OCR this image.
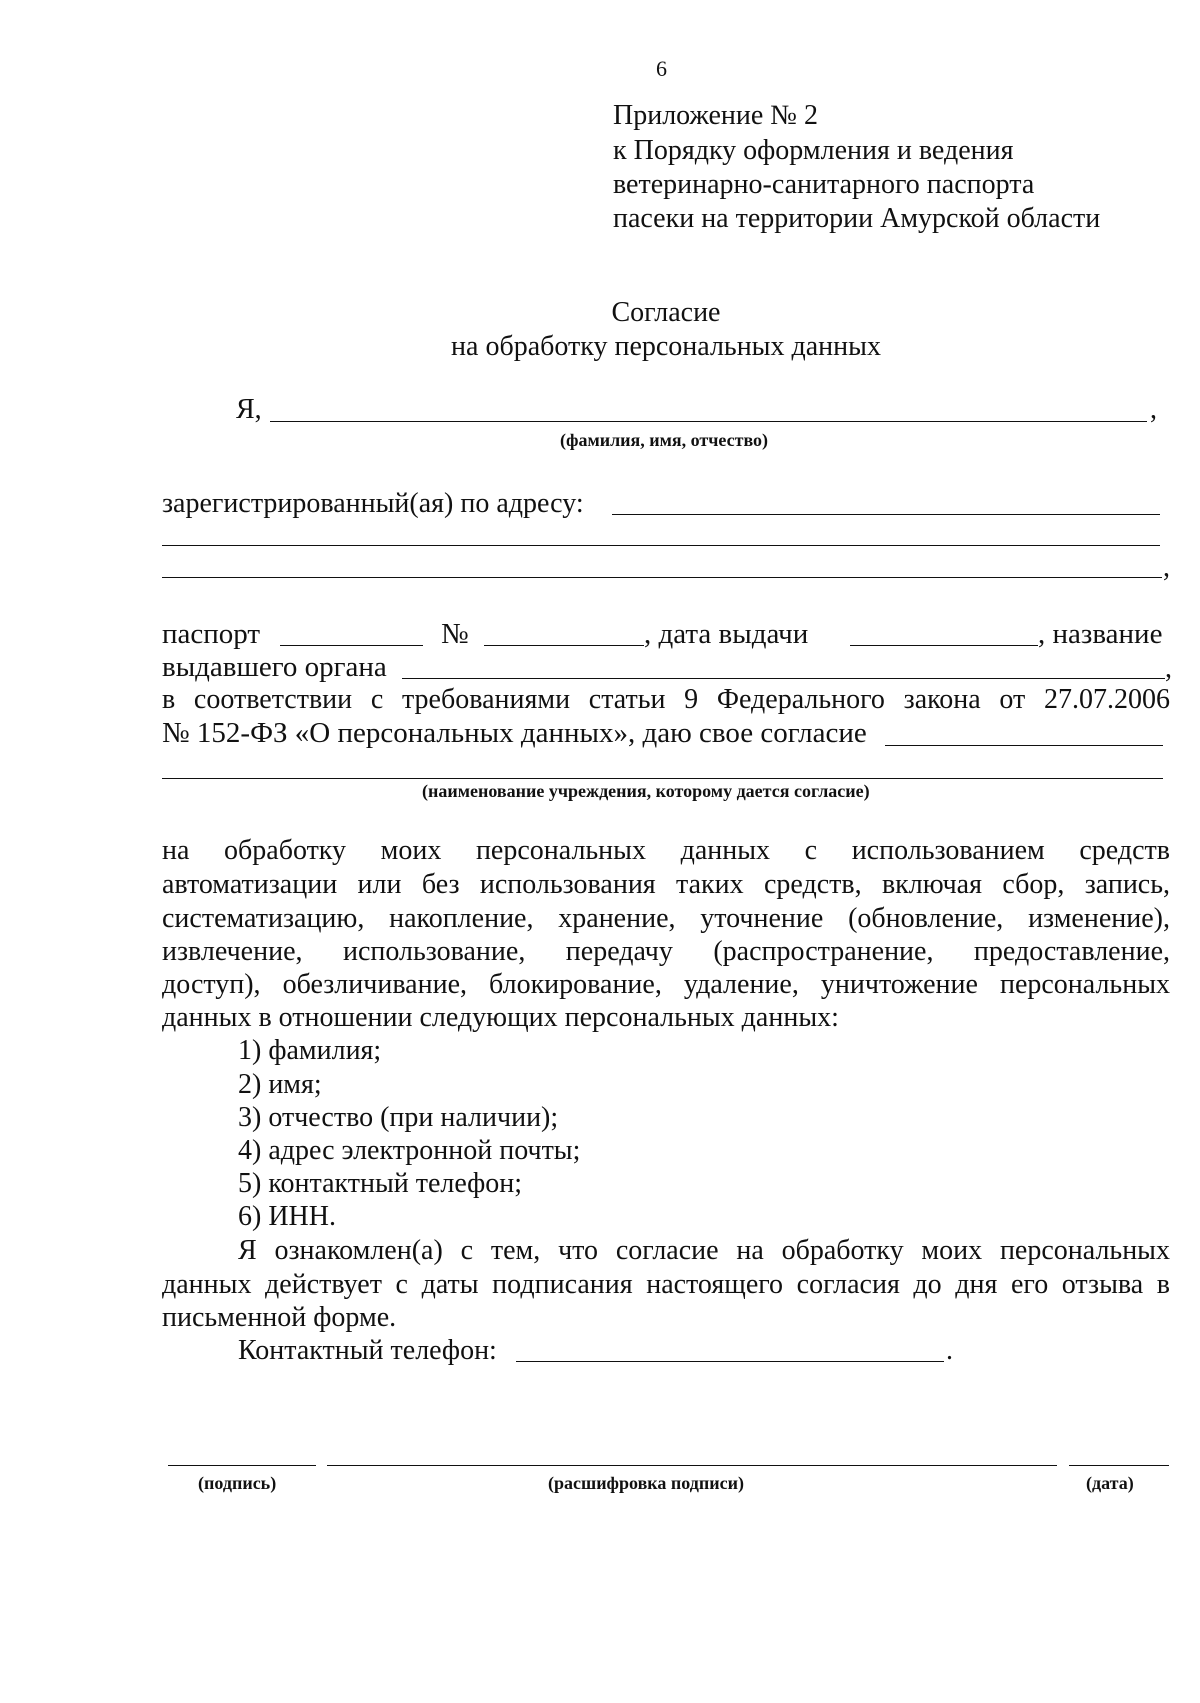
6
Приложение № 2
к Порядку оформления и ведения
ветеринарно-санитарного паспорта
пасеки на территории Амурской области
Согласие
на обработку персональных данных
Я,	,
(фамилия, имя, отчество)
зарегистрированный(ая) по адресу:
,
паспорт	№	, дата выдачи	, название
выдавшего органа	,
в соответствии с требованиями статьи 9 Федерального закона от 27.07.2006
№ 152-ФЗ «О персональных данных», даю свое согласие
(наименование учреждения, которому дается согласие)
на обработку моих персональных данных с использованием средств
автоматизации или без использования таких средств, включая сбор, запись,
систематизацию, накопление, хранение, уточнение (обновление, изменение),
извлечение, использование, передачу (распространение, предоставление,
доступ), обезличивание, блокирование, удаление, уничтожение персональных
данных в отношении следующих персональных данных:
1) фамилия;
2) имя;
3) отчество (при наличии);
4) адрес электронной почты;
5) контактный телефон;
6) ИНН.
Я ознакомлен(а) с тем, что согласие на обработку моих персональных
данных действует с даты подписания настоящего согласия до дня его отзыва в
письменной форме.
Контактный телефон:	.
(подпись)	(расшифровка подписи)	(дата)
